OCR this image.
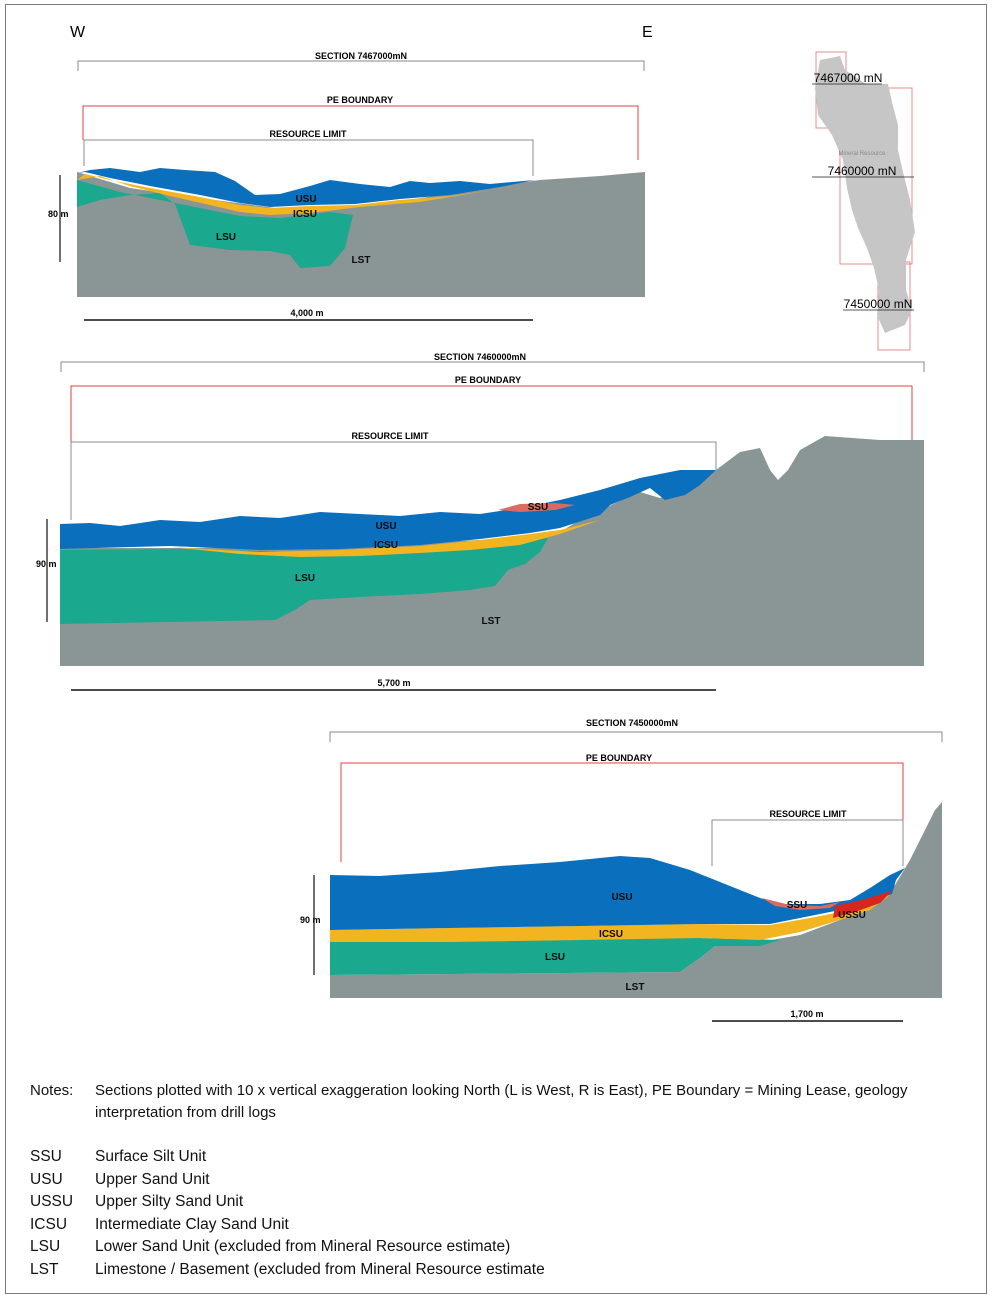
W	E
SECTION 7467000mN
PE BOUNDARY
RESOURCE LIMIT
USU
ICSU
LSU
LST
80 m
4,000 m
Mineral Resource
7467000 mN
7460000 mN
7450000 mN
SECTION 7460000mN
PE BOUNDARY
RESOURCE LIMIT
SSU
USU
ICSU
LSU
LST
90 m
5,700 m
SECTION 7450000mN
PE BOUNDARY
RESOURCE LIMIT
USU
SSU
USSU
ICSU
LSU
LST
90 m
1,700 m
Notes:	Sections plotted with 10 x vertical exaggeration looking North (L is West, R is East), PE Boundary = Mining Lease, geology interpretation from drill logs
SSU	Surface Silt Unit
USU	Upper Sand Unit
USSU	Upper Silty Sand Unit
ICSU	Intermediate Clay Sand Unit
LSU	Lower Sand Unit (excluded from Mineral Resource estimate)
LST	Limestone / Basement (excluded from Mineral Resource estimate
